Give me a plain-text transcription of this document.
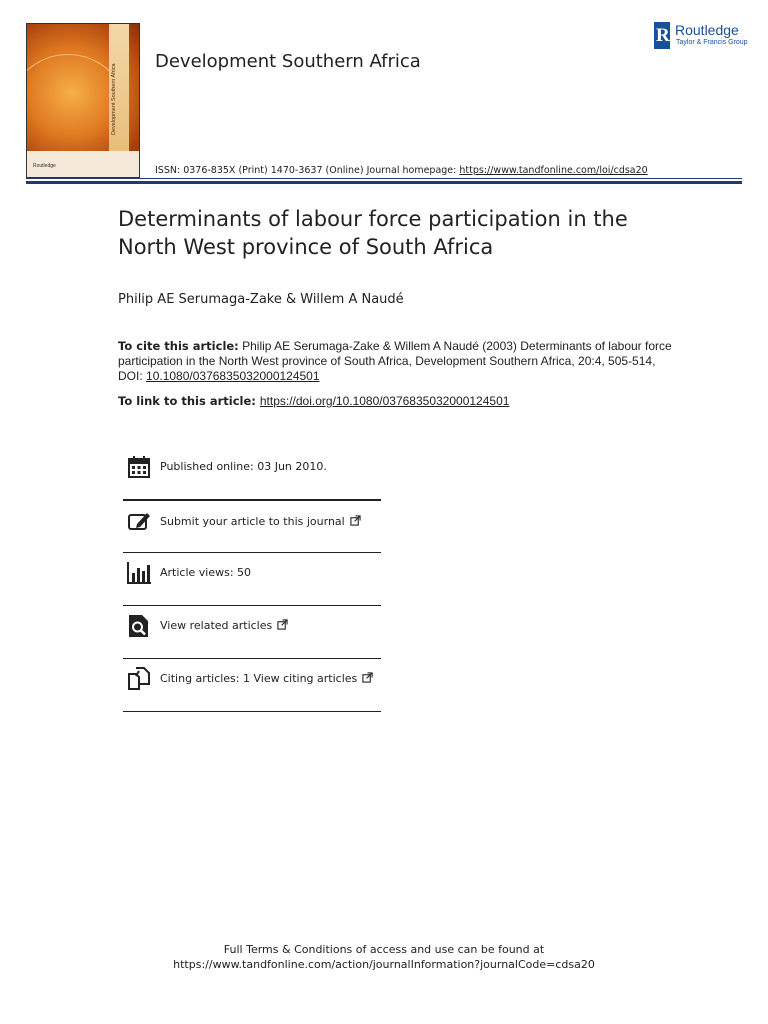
Development Southern Africa
Routledge
Development Southern Africa
R Routledge
Taylor & Francis Group
ISSN: 0376-835X (Print) 1470-3637 (Online) Journal homepage: https://www.tandfonline.com/loi/cdsa20
Determinants of labour force participation in the North West province of South Africa
Philip AE Serumaga-Zake & Willem A Naudé
To cite this article: Philip AE Serumaga-Zake & Willem A Naudé (2003) Determinants of labour force participation in the North West province of South Africa, Development Southern Africa, 20:4, 505-514, DOI: 10.1080/0376835032000124501
To link to this article: https://doi.org/10.1080/0376835032000124501
Published online: 03 Jun 2010.
Submit your article to this journal
Article views: 50
View related articles
Citing articles: 1 View citing articles
Full Terms & Conditions of access and use can be found at
https://www.tandfonline.com/action/journalInformation?journalCode=cdsa20
